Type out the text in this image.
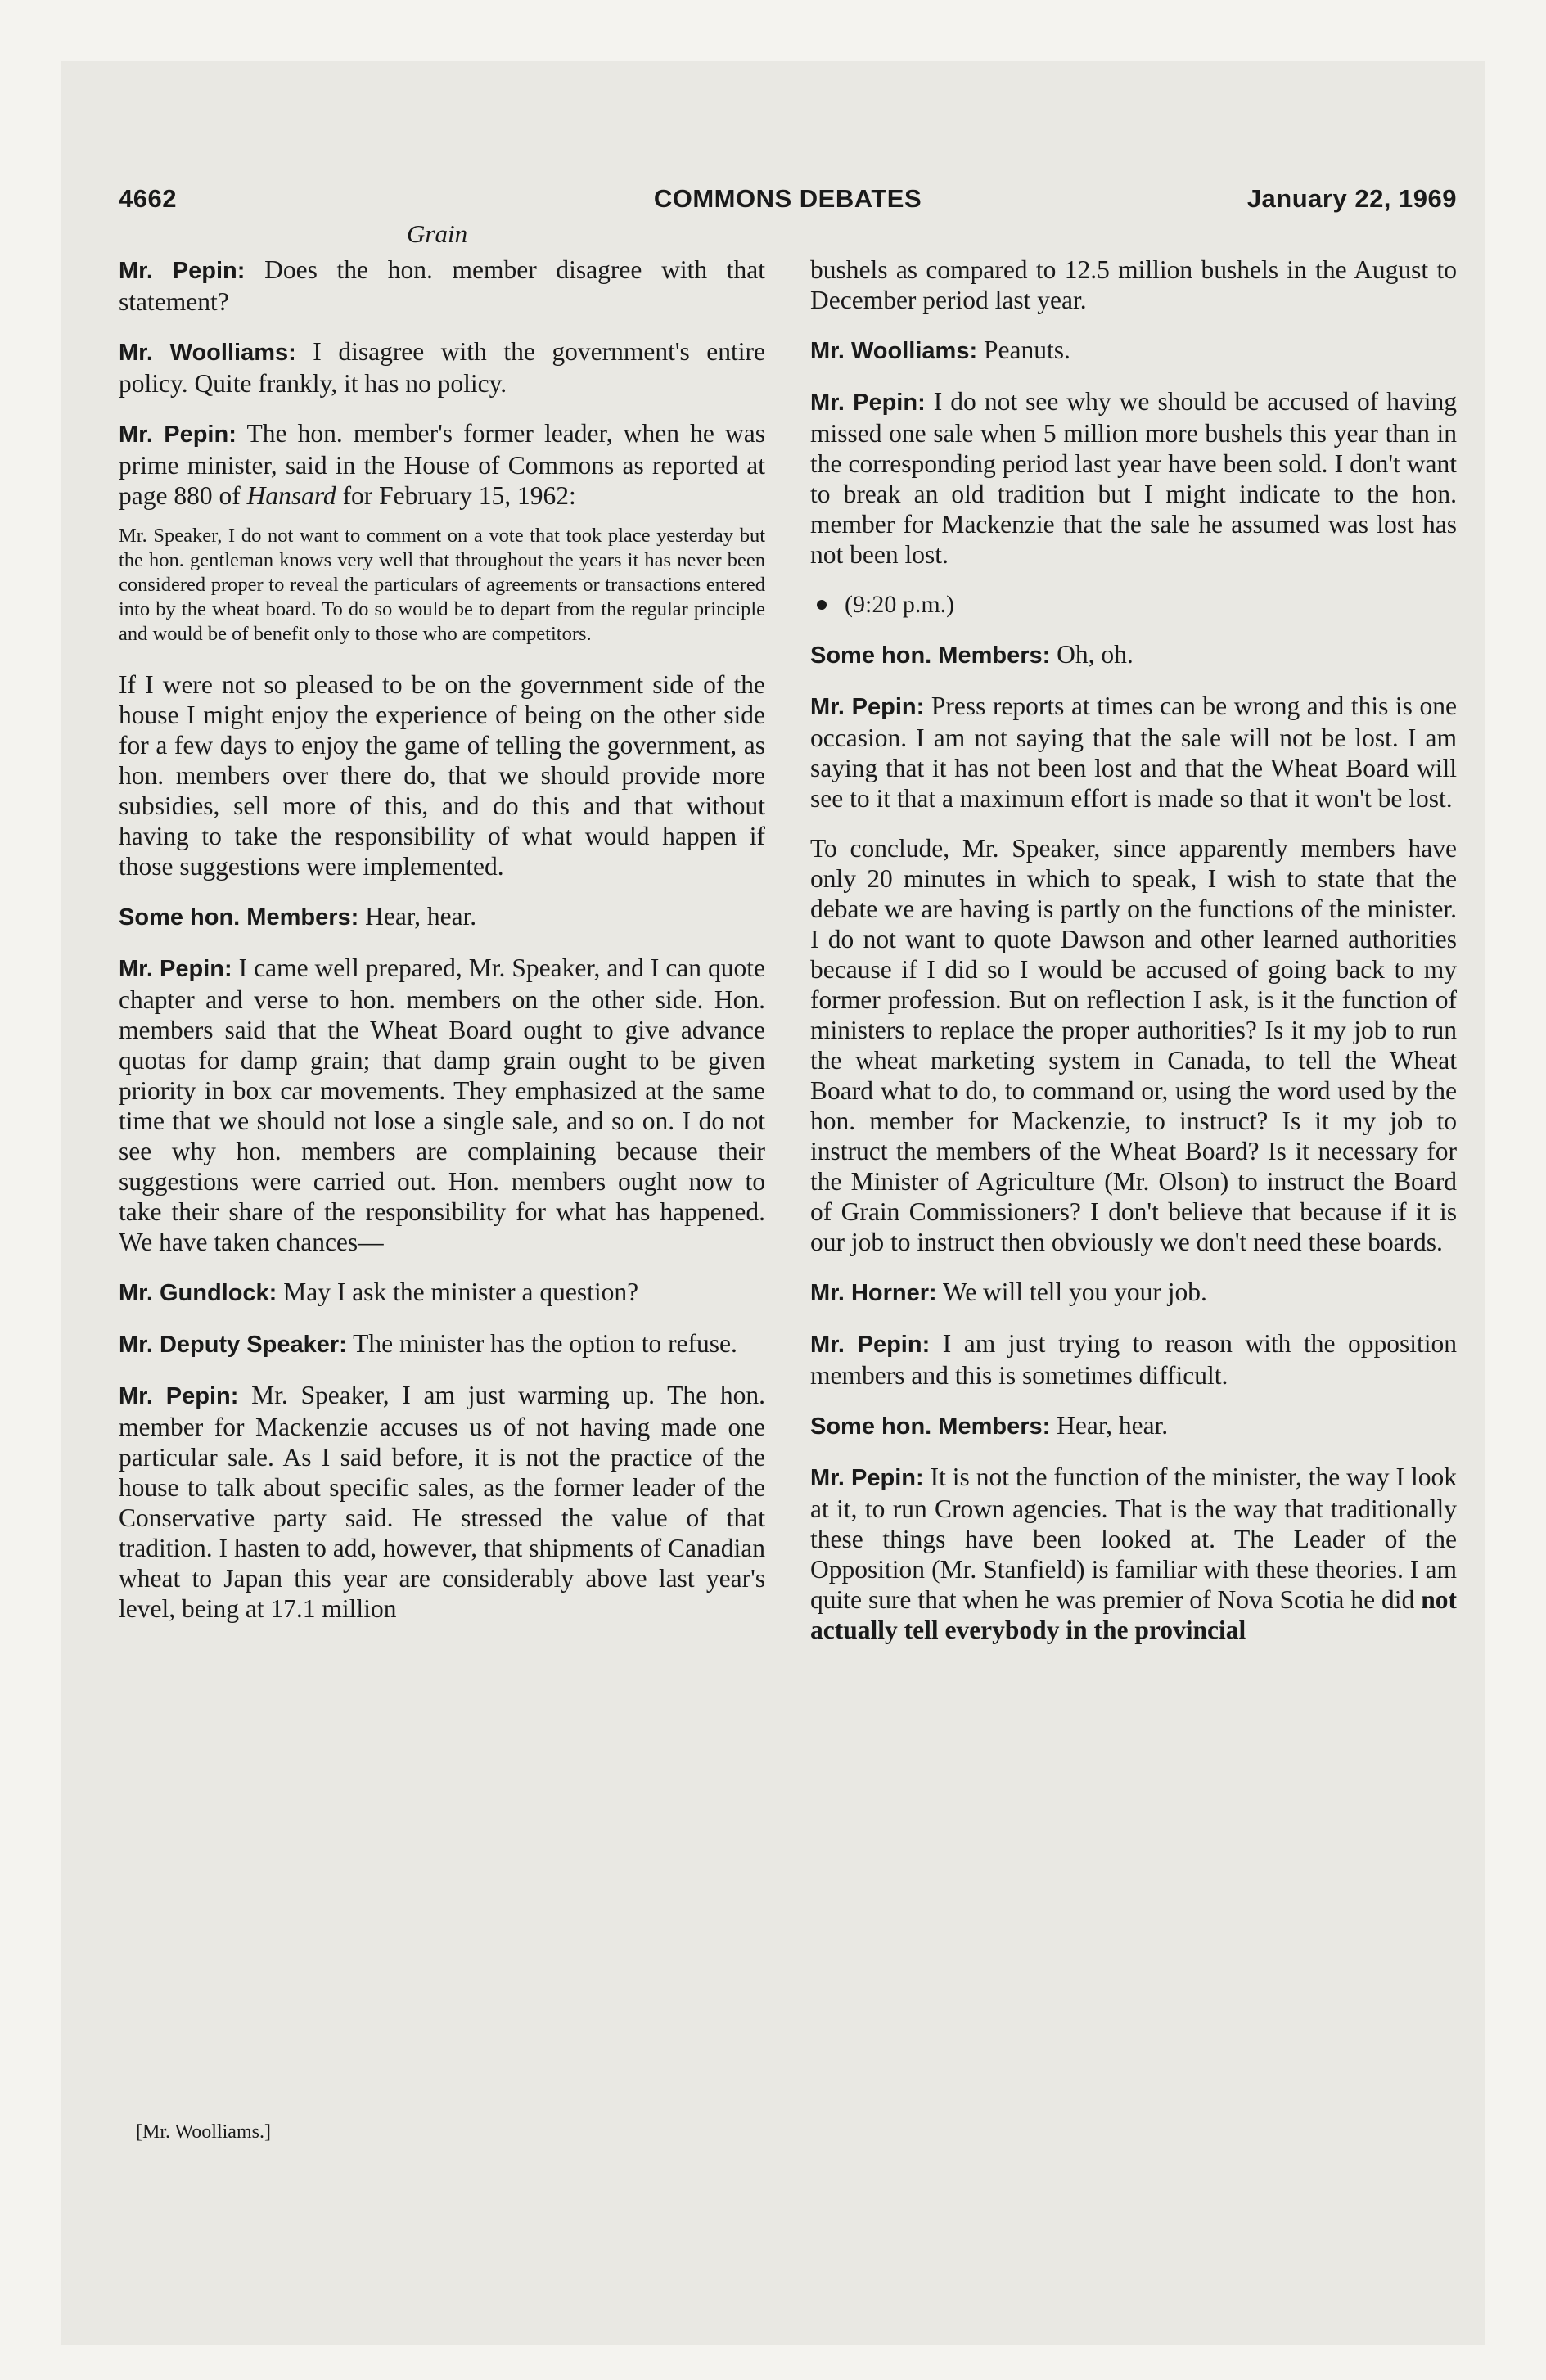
4662	COMMONS DEBATES	January 22, 1969
Grain

Mr. Pepin: Does the hon. member disagree with that statement?

Mr. Woolliams: I disagree with the government's entire policy. Quite frankly, it has no policy.

Mr. Pepin: The hon. member's former leader, when he was prime minister, said in the House of Commons as reported at page 880 of Hansard for February 15, 1962:

Mr. Speaker, I do not want to comment on a vote that took place yesterday but the hon. gentleman knows very well that throughout the years it has never been considered proper to reveal the particulars of agreements or transactions entered into by the wheat board. To do so would be to depart from the regular principle and would be of benefit only to those who are competitors.

If I were not so pleased to be on the government side of the house I might enjoy the experience of being on the other side for a few days to enjoy the game of telling the government, as hon. members over there do, that we should provide more subsidies, sell more of this, and do this and that without having to take the responsibility of what would happen if those suggestions were implemented.

Some hon. Members: Hear, hear.

Mr. Pepin: I came well prepared, Mr. Speaker, and I can quote chapter and verse to hon. members on the other side. Hon. members said that the Wheat Board ought to give advance quotas for damp grain; that damp grain ought to be given priority in box car movements. They emphasized at the same time that we should not lose a single sale, and so on. I do not see why hon. members are complaining because their suggestions were carried out. Hon. members ought now to take their share of the responsibility for what has happened. We have taken chances—

Mr. Gundlock: May I ask the minister a question?

Mr. Deputy Speaker: The minister has the option to refuse.

Mr. Pepin: Mr. Speaker, I am just warming up. The hon. member for Mackenzie accuses us of not having made one particular sale. As I said before, it is not the practice of the house to talk about specific sales, as the former leader of the Conservative party said. He stressed the value of that tradition. I hasten to add, however, that shipments of Canadian wheat to Japan this year are considerably above last year's level, being at 17.1 million

bushels as compared to 12.5 million bushels in the August to December period last year.

Mr. Woolliams: Peanuts.

Mr. Pepin: I do not see why we should be accused of having missed one sale when 5 million more bushels this year than in the corresponding period last year have been sold. I don't want to break an old tradition but I might indicate to the hon. member for Mackenzie that the sale he assumed was lost has not been lost.

(9:20 p.m.)

Some hon. Members: Oh, oh.

Mr. Pepin: Press reports at times can be wrong and this is one occasion. I am not saying that the sale will not be lost. I am saying that it has not been lost and that the Wheat Board will see to it that a maximum effort is made so that it won't be lost.

To conclude, Mr. Speaker, since apparently members have only 20 minutes in which to speak, I wish to state that the debate we are having is partly on the functions of the minister. I do not want to quote Dawson and other learned authorities because if I did so I would be accused of going back to my former profession. But on reflection I ask, is it the function of ministers to replace the proper authorities? Is it my job to run the wheat marketing system in Canada, to tell the Wheat Board what to do, to command or, using the word used by the hon. member for Mackenzie, to instruct? Is it my job to instruct the members of the Wheat Board? Is it necessary for the Minister of Agriculture (Mr. Olson) to instruct the Board of Grain Commissioners? I don't believe that because if it is our job to instruct then obviously we don't need these boards.

Mr. Horner: We will tell you your job.

Mr. Pepin: I am just trying to reason with the opposition members and this is sometimes difficult.

Some hon. Members: Hear, hear.

Mr. Pepin: It is not the function of the minister, the way I look at it, to run Crown agencies. That is the way that traditionally these things have been looked at. The Leader of the Opposition (Mr. Stanfield) is familiar with these theories. I am quite sure that when he was premier of Nova Scotia he did not actually tell everybody in the provincial

[Mr. Woolliams.]
